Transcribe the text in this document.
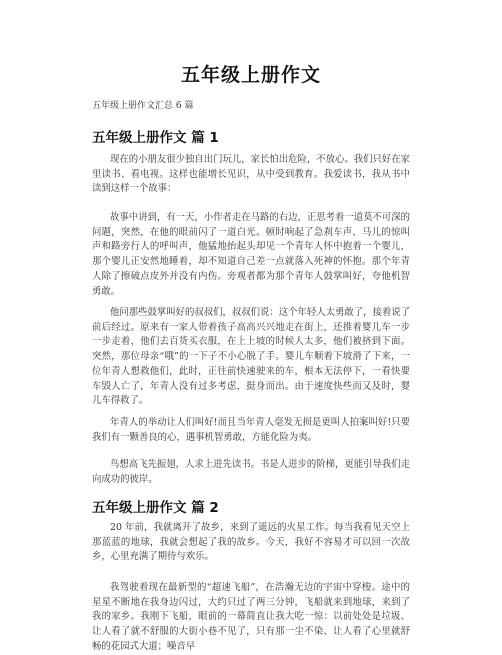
五年级上册作文
五年级上册作文汇总 6 篇
五年级上册作文 篇 1

现在的小朋友很少独自出门玩儿，家长怕出危险，不放心。我们只好在家里读书、看电视。这样也能增长见识，从中受到教育。我爱读书，我从书中读到这样一个故事：

故事中讲到，有一天，小作者走在马路的右边，正思考着一道莫不可深的问题，突然，在他的眼前闪了一道白光。顿时响起了急刹车声、马儿的惊叫声和路旁行人的呼叫声，他猛地抬起头却见一个青年人怀中抱着一个婴儿，那个婴儿正安然地睡着，却不知道自己差一点就落入死神的怀抱。那个年青人除了擦破点皮外并没有内伤。旁观者都为那个青年人鼓掌叫好，夸他机智勇敢。

他问那些鼓掌叫好的叔叔们，叔叔们说：这个年轻人太勇敢了，接着说了前后经过。原来有一家人带着孩子高高兴兴地走在街上，还推着婴儿车一步一步走着，他们去百货买衣服，在上上坡的时候人太多，他们被挤到下面。突然，那位母亲“哦”的一下子不小心脱了手。婴儿车顺着下坡滑了下来，一位年青人想救他们，此时，正往前快速驶来的车，根本无法停下，一看快要车毁人亡了，年青人没有过多考虑，挺身而出。由于速度快些而又及时，婴儿车得救了。

年青人的举动让人们叫好!而且当年青人毫发无损是更叫人拍案叫好!只要我们有一颗善良的心，遇事机智勇敢，方能化险为夷。

鸟想高飞先振翅，人求上进先读书。书是人进步的阶梯，更能引导我们走向成功的彼岸。

五年级上册作文 篇 2

20 年前，我就离开了故乡，来到了遥远的火星工作。每当我看见天空上那蓝蓝的地球，我就会想起了我的故乡。今天，我好不容易才可以回一次故乡，心里充满了期待与欢乐。

我驾驶着现在最新型的“超速飞船”，在浩瀚无边的宇宙中穿梭。途中的星星不断地在我身边闪过，大约只过了两三分钟，飞船就来到地球，来到了我的家乡。我刚下飞船，眼前的一幕简直让我大吃一惊：以前处处是垃圾、让人看了就不舒服的大街小巷不见了，只有那一尘不染、让人看了心里就舒畅的花园式大道；噪音早
